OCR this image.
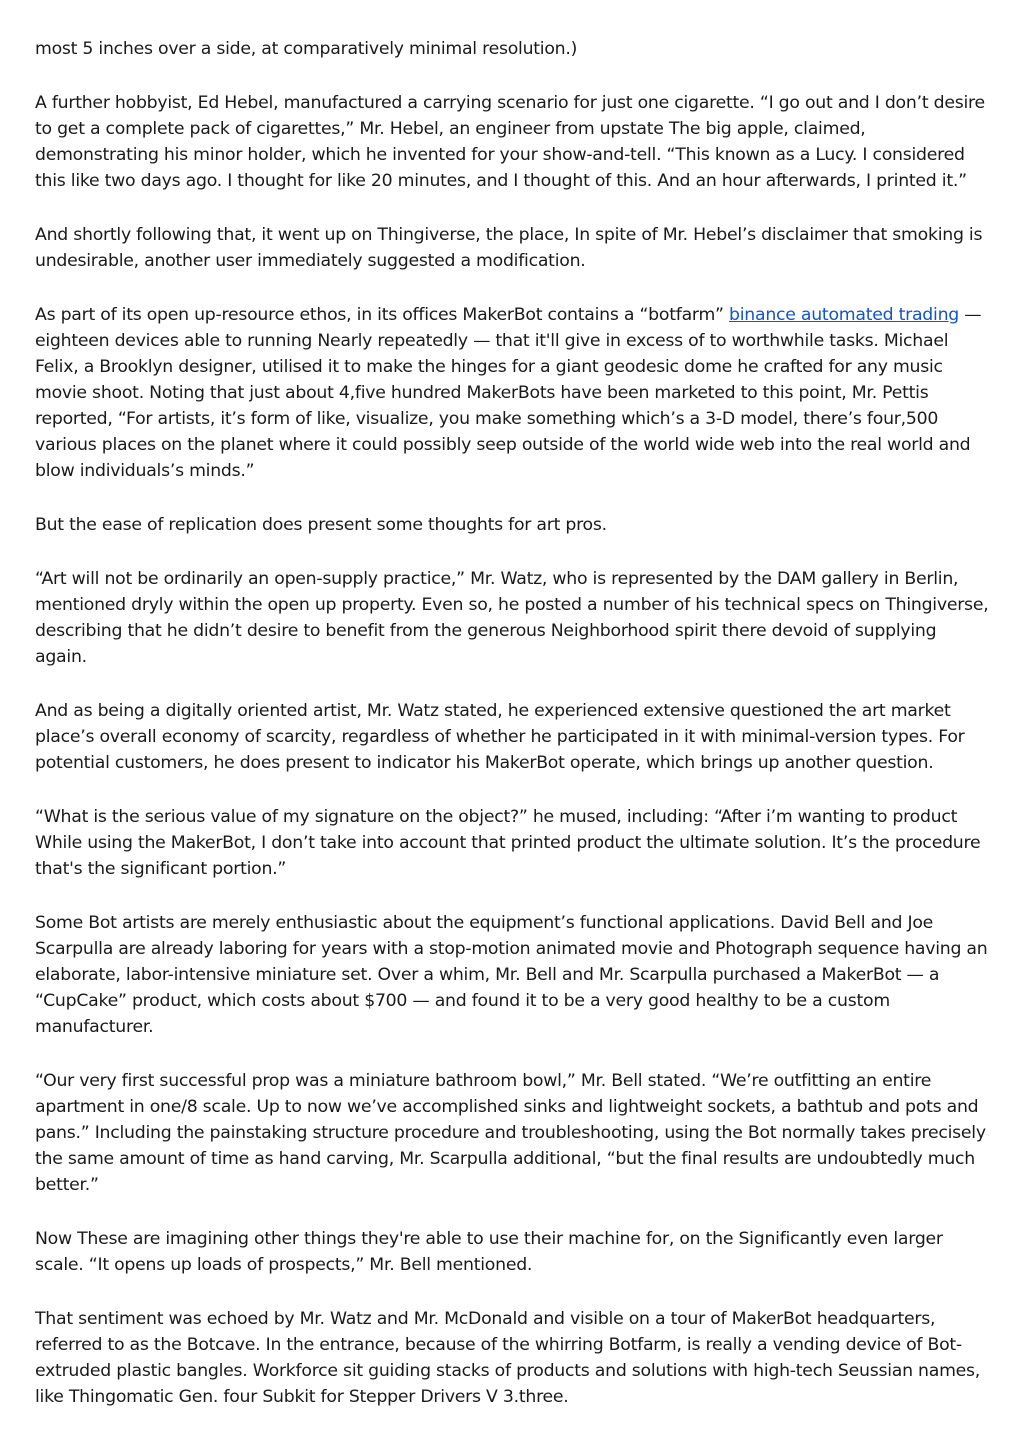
most 5 inches over a side, at comparatively minimal resolution.)

A further hobbyist, Ed Hebel, manufactured a carrying scenario for just one cigarette. “I go out and I don’t desire to get a complete pack of cigarettes,” Mr. Hebel, an engineer from upstate The big apple, claimed, demonstrating his minor holder, which he invented for your show-and-tell. “This known as a Lucy. I considered this like two days ago. I thought for like 20 minutes, and I thought of this. And an hour afterwards, I printed it.”

And shortly following that, it went up on Thingiverse, the place, In spite of Mr. Hebel’s disclaimer that smoking is undesirable, another user immediately suggested a modification.

As part of its open up-resource ethos, in its offices MakerBot contains a “botfarm” binance automated trading — eighteen devices able to running Nearly repeatedly — that it'll give in excess of to worthwhile tasks. Michael Felix, a Brooklyn designer, utilised it to make the hinges for a giant geodesic dome he crafted for any music movie shoot. Noting that just about 4,five hundred MakerBots have been marketed to this point, Mr. Pettis reported, “For artists, it’s form of like, visualize, you make something which’s a 3-D model, there’s four,500 various places on the planet where it could possibly seep outside of the world wide web into the real world and blow individuals’s minds.”

But the ease of replication does present some thoughts for art pros.

“Art will not be ordinarily an open-supply practice,” Mr. Watz, who is represented by the DAM gallery in Berlin, mentioned dryly within the open up property. Even so, he posted a number of his technical specs on Thingiverse, describing that he didn’t desire to benefit from the generous Neighborhood spirit there devoid of supplying again.

And as being a digitally oriented artist, Mr. Watz stated, he experienced extensive questioned the art market place’s overall economy of scarcity, regardless of whether he participated in it with minimal-version types. For potential customers, he does present to indicator his MakerBot operate, which brings up another question.

“What is the serious value of my signature on the object?” he mused, including: “After i’m wanting to product While using the MakerBot, I don’t take into account that printed product the ultimate solution. It’s the procedure that's the significant portion.”

Some Bot artists are merely enthusiastic about the equipment’s functional applications. David Bell and Joe Scarpulla are already laboring for years with a stop-motion animated movie and Photograph sequence having an elaborate, labor-intensive miniature set. Over a whim, Mr. Bell and Mr. Scarpulla purchased a MakerBot — a “CupCake” product, which costs about $700 — and found it to be a very good healthy to be a custom manufacturer.

“Our very first successful prop was a miniature bathroom bowl,” Mr. Bell stated. “We’re outfitting an entire apartment in one/8 scale. Up to now we’ve accomplished sinks and lightweight sockets, a bathtub and pots and pans.” Including the painstaking structure procedure and troubleshooting, using the Bot normally takes precisely the same amount of time as hand carving, Mr. Scarpulla additional, “but the final results are undoubtedly much better.”

Now These are imagining other things they're able to use their machine for, on the Significantly even larger scale. “It opens up loads of prospects,” Mr. Bell mentioned.

That sentiment was echoed by Mr. Watz and Mr. McDonald and visible on a tour of MakerBot headquarters, referred to as the Botcave. In the entrance, because of the whirring Botfarm, is really a vending device of Bot-extruded plastic bangles. Workforce sit guiding stacks of products and solutions with high-tech Seussian names, like Thingomatic Gen. four Subkit for Stepper Drivers V 3.three.
